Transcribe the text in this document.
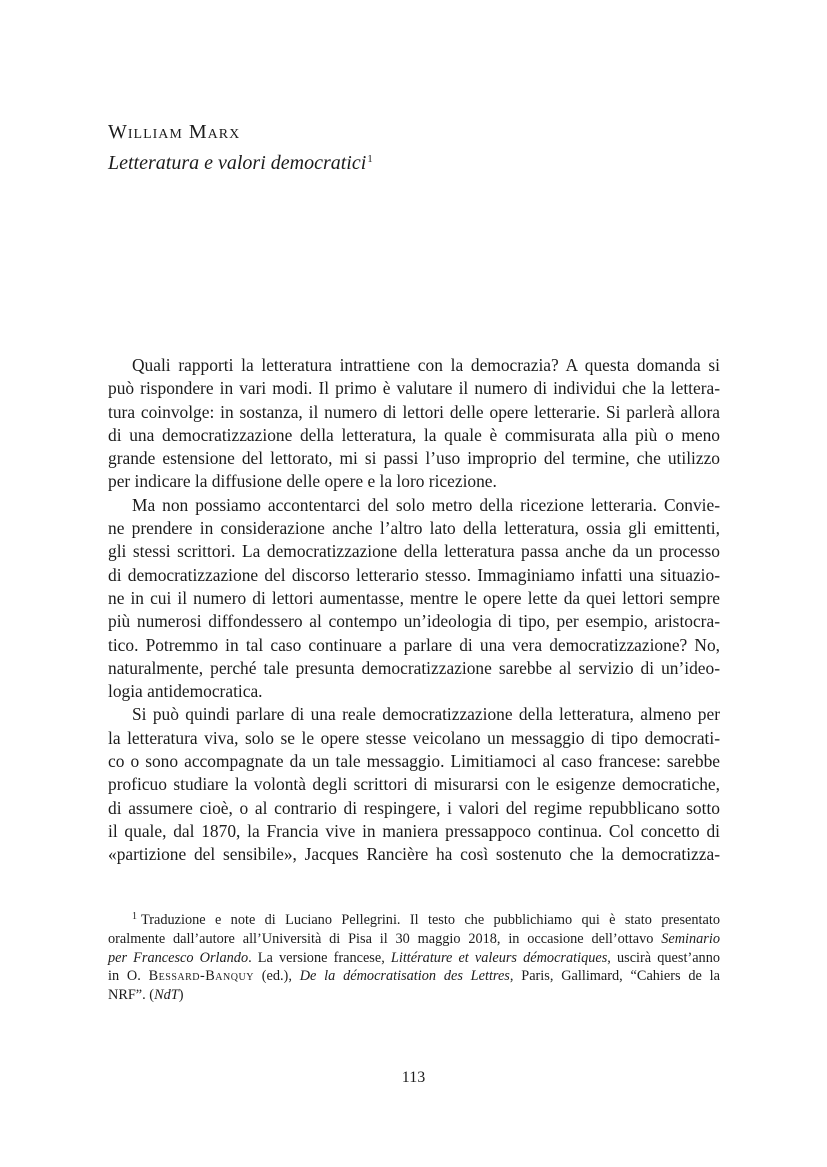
William Marx
Letteratura e valori democratici$^1$

Quali rapporti la letteratura intrattiene con la democrazia? A questa domanda si
può rispondere in vari modi. Il primo è valutare il numero di individui che la lettera-
tura coinvolge: in sostanza, il numero di lettori delle opere letterarie. Si parlerà allora
di una democratizzazione della letteratura, la quale è commisurata alla più o meno
grande estensione del lettorato, mi si passi l’uso improprio del termine, che utilizzo
per indicare la diffusione delle opere e la loro ricezione.

Ma non possiamo accontentarci del solo metro della ricezione letteraria. Convie-
ne prendere in considerazione anche l’altro lato della letteratura, ossia gli emittenti,
gli stessi scrittori. La democratizzazione della letteratura passa anche da un processo
di democratizzazione del discorso letterario stesso. Immaginiamo infatti una situazio-
ne in cui il numero di lettori aumentasse, mentre le opere lette da quei lettori sempre
più numerosi diffondessero al contempo un’ideologia di tipo, per esempio, aristocra-
tico. Potremmo in tal caso continuare a parlare di una vera democratizzazione? No,
naturalmente, perché tale presunta democratizzazione sarebbe al servizio di un’ideo-
logia antidemocratica.

Si può quindi parlare di una reale democratizzazione della letteratura, almeno per
la letteratura viva, solo se le opere stesse veicolano un messaggio di tipo democrati-
co o sono accompagnate da un tale messaggio. Limitiamoci al caso francese: sarebbe
proficuo studiare la volontà degli scrittori di misurarsi con le esigenze democratiche,
di assumere cioè, o al contrario di respingere, i valori del regime repubblicano sotto
il quale, dal 1870, la Francia vive in maniera pressappoco continua. Col concetto di
«partizione del sensibile», Jacques Rancière ha così sostenuto che la democratizza-

$^1$ Traduzione e note di Luciano Pellegrini. Il testo che pubblichiamo qui è stato presentato
oralmente dall’autore all’Università di Pisa il 30 maggio 2018, in occasione dell’ottavo Seminario
per Francesco Orlando. La versione francese, Littérature et valeurs démocratiques, uscirà quest’anno
in O. Bessard-Banquy (ed.), De la démocratisation des Lettres, Paris, Gallimard, “Cahiers de la
NRF”. (NdT)
113
